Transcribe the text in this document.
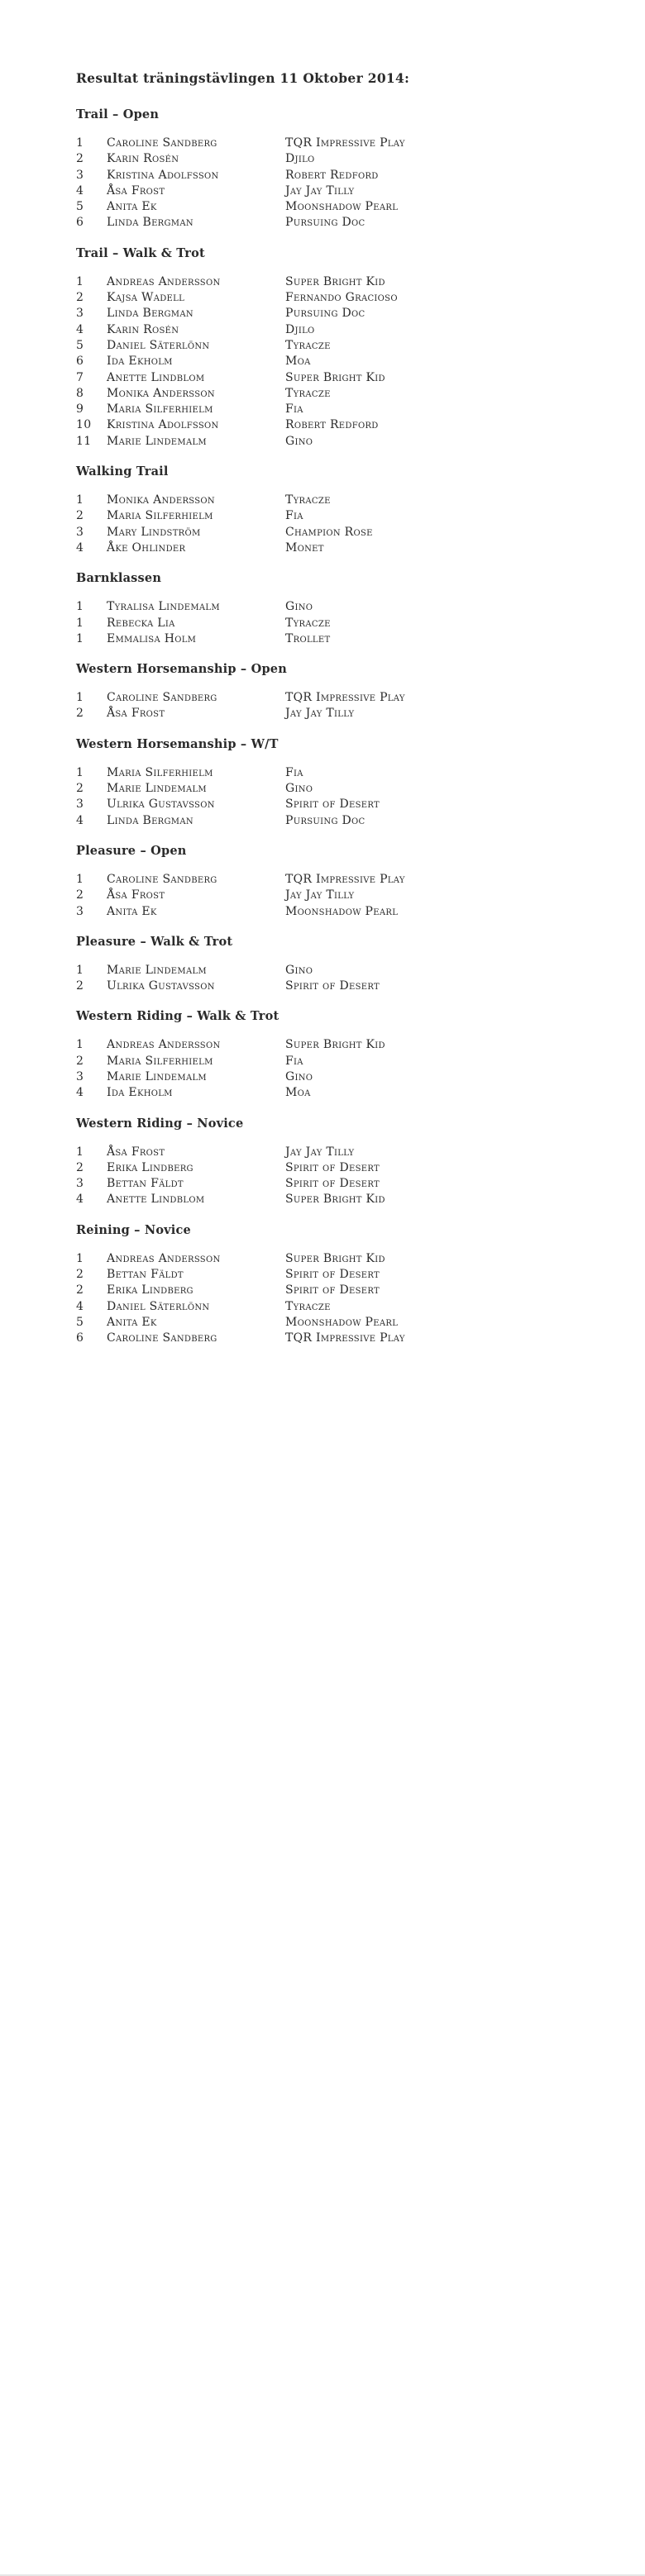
Resultat träningstävlingen 11 Oktober 2014:
Trail – Open
1	Caroline Sandberg	TQR Impressive Play
2	Karin Rosén	Djilo
3	Kristina Adolfsson	Robert Redford
4	Åsa Frost	Jay Jay Tilly
5	Anita Ek	Moonshadow Pearl
6	Linda Bergman	Pursuing Doc
Trail – Walk & Trot
1	Andreas Andersson	Super Bright Kid
2	Kajsa Wadell	Fernando Gracioso
3	Linda Bergman	Pursuing Doc
4	Karin Rosén	Djilo
5	Daniel Säterlönn	Tyracze
6	Ida Ekholm	Moa
7	Anette Lindblom	Super Bright Kid
8	Monika Andersson	Tyracze
9	Maria Silferhielm	Fia
10	Kristina Adolfsson	Robert Redford
11	Marie Lindemalm	Gino
Walking Trail
1	Monika Andersson	Tyracze
2	Maria Silferhielm	Fia
3	Mary Lindström	Champion Rose
4	Åke Ohlinder	Monet
Barnklassen
1	Tyralisa Lindemalm	Gino
1	Rebecka Lia	Tyracze
1	Emmalisa Holm	Trollet
Western Horsemanship – Open
1	Caroline Sandberg	TQR Impressive Play
2	Åsa Frost	Jay Jay Tilly
Western Horsemanship – W/T
1	Maria Silferhielm	Fia
2	Marie Lindemalm	Gino
3	Ulrika Gustavsson	Spirit of Desert
4	Linda Bergman	Pursuing Doc
Pleasure – Open
1	Caroline Sandberg	TQR Impressive Play
2	Åsa Frost	Jay Jay Tilly
3	Anita Ek	Moonshadow Pearl
Pleasure – Walk & Trot
1	Marie Lindemalm	Gino
2	Ulrika Gustavsson	Spirit of Desert
Western Riding – Walk & Trot
1	Andreas Andersson	Super Bright Kid
2	Maria Silferhielm	Fia
3	Marie Lindemalm	Gino
4	Ida Ekholm	Moa
Western Riding – Novice
1	Åsa Frost	Jay Jay Tilly
2	Erika Lindberg	Spirit of Desert
3	Bettan Fäldt	Spirit of Desert
4	Anette Lindblom	Super Bright Kid
Reining – Novice
1	Andreas Andersson	Super Bright Kid
2	Bettan Fäldt	Spirit of Desert
2	Erika Lindberg	Spirit of Desert
4	Daniel Säterlönn	Tyracze
5	Anita Ek	Moonshadow Pearl
6	Caroline Sandberg	TQR Impressive Play
